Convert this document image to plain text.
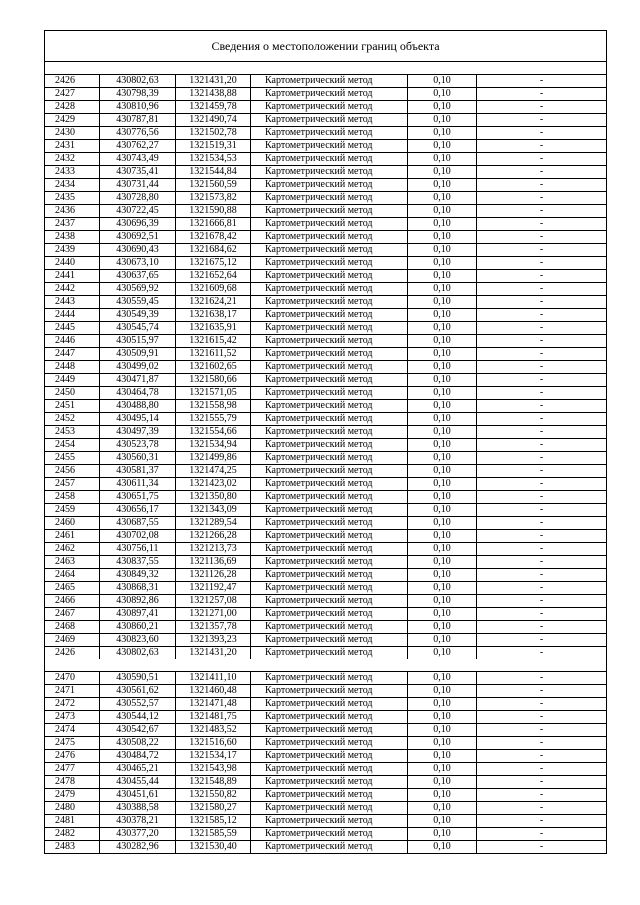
Сведения о местоположении границ объекта
2426	430802,63	1321431,20	Картометрический метод	0,10	-
2427	430798,39	1321438,88	Картометрический метод	0,10	-
2428	430810,96	1321459,78	Картометрический метод	0,10	-
2429	430787,81	1321490,74	Картометрический метод	0,10	-
2430	430776,56	1321502,78	Картометрический метод	0,10	-
2431	430762,27	1321519,31	Картометрический метод	0,10	-
2432	430743,49	1321534,53	Картометрический метод	0,10	-
2433	430735,41	1321544,84	Картометрический метод	0,10	-
2434	430731,44	1321560,59	Картометрический метод	0,10	-
2435	430728,80	1321573,82	Картометрический метод	0,10	-
2436	430722,45	1321590,88	Картометрический метод	0,10	-
2437	430696,39	1321666,81	Картометрический метод	0,10	-
2438	430692,51	1321678,42	Картометрический метод	0,10	-
2439	430690,43	1321684,62	Картометрический метод	0,10	-
2440	430673,10	1321675,12	Картометрический метод	0,10	-
2441	430637,65	1321652,64	Картометрический метод	0,10	-
2442	430569,92	1321609,68	Картометрический метод	0,10	-
2443	430559,45	1321624,21	Картометрический метод	0,10	-
2444	430549,39	1321638,17	Картометрический метод	0,10	-
2445	430545,74	1321635,91	Картометрический метод	0,10	-
2446	430515,97	1321615,42	Картометрический метод	0,10	-
2447	430509,91	1321611,52	Картометрический метод	0,10	-
2448	430499,02	1321602,65	Картометрический метод	0,10	-
2449	430471,87	1321580,66	Картометрический метод	0,10	-
2450	430464,78	1321571,05	Картометрический метод	0,10	-
2451	430488,80	1321558,98	Картометрический метод	0,10	-
2452	430495,14	1321555,79	Картометрический метод	0,10	-
2453	430497,39	1321554,66	Картометрический метод	0,10	-
2454	430523,78	1321534,94	Картометрический метод	0,10	-
2455	430560,31	1321499,86	Картометрический метод	0,10	-
2456	430581,37	1321474,25	Картометрический метод	0,10	-
2457	430611,34	1321423,02	Картометрический метод	0,10	-
2458	430651,75	1321350,80	Картометрический метод	0,10	-
2459	430656,17	1321343,09	Картометрический метод	0,10	-
2460	430687,55	1321289,54	Картометрический метод	0,10	-
2461	430702,08	1321266,28	Картометрический метод	0,10	-
2462	430756,11	1321213,73	Картометрический метод	0,10	-
2463	430837,55	1321136,69	Картометрический метод	0,10	-
2464	430849,32	1321126,28	Картометрический метод	0,10	-
2465	430868,31	1321192,47	Картометрический метод	0,10	-
2466	430892,86	1321257,08	Картометрический метод	0,10	-
2467	430897,41	1321271,00	Картометрический метод	0,10	-
2468	430860,21	1321357,78	Картометрический метод	0,10	-
2469	430823,60	1321393,23	Картометрический метод	0,10	-
2426	430802,63	1321431,20	Картометрический метод	0,10	-
2470	430590,51	1321411,10	Картометрический метод	0,10	-
2471	430561,62	1321460,48	Картометрический метод	0,10	-
2472	430552,57	1321471,48	Картометрический метод	0,10	-
2473	430544,12	1321481,75	Картометрический метод	0,10	-
2474	430542,67	1321483,52	Картометрический метод	0,10	-
2475	430508,22	1321516,60	Картометрический метод	0,10	-
2476	430484,72	1321534,17	Картометрический метод	0,10	-
2477	430465,21	1321543,98	Картометрический метод	0,10	-
2478	430455,44	1321548,89	Картометрический метод	0,10	-
2479	430451,61	1321550,82	Картометрический метод	0,10	-
2480	430388,58	1321580,27	Картометрический метод	0,10	-
2481	430378,21	1321585,12	Картометрический метод	0,10	-
2482	430377,20	1321585,59	Картометрический метод	0,10	-
2483	430282,96	1321530,40	Картометрический метод	0,10	-
